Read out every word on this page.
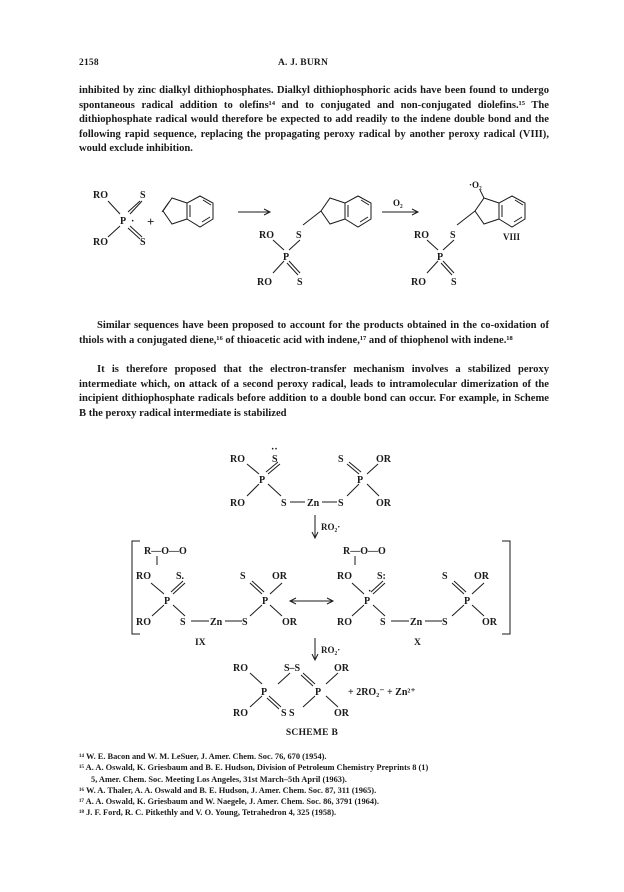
2158	A. J. BURN

inhibited by zinc dialkyl dithiophosphates. Dialkyl dithiophosphoric acids have been found to undergo spontaneous radical addition to olefins¹⁴ and to conjugated and non-conjugated diolefins.¹⁵ The dithiophosphate radical would therefore be expected to add readily to the indene double bond and the following rapid sequence, replacing the propagating peroxy radical by another peroxy radical (VIII), would exclude inhibition.

RO	S
P · +
RO	S
RO S
P
RO	S
O₂
·O₂
RO S
P
RO	S
VIII

Similar sequences have been proposed to account for the products obtained in the co-oxidation of thiols with a conjugated diene,¹⁶ of thioacetic acid with indene,¹⁷ and of thiophenol with indene.¹⁸

It is therefore proposed that the electron-transfer mechanism involves a stabilized peroxy intermediate which, on attack of a second peroxy radical, leads to intramolecular dimerization of the incipient dithiophosphate radicals before addition to a double bond can occur. For example, in Scheme B the peroxy radical intermediate is stabilized

RO	S
··
S	OR
P	P
RO	S Zn S	OR
RO₂·
R—O—O
RO	S.	S	OR
P	P
RO	S Zn S	OR
IX
R—O—O
RO	S:	S	OR
P
·
P
RO	S Zn S	OR
X
RO₂·
RO	S–S	OR
P	P	+ 2RO₂⁻ + Zn²⁺
RO	S S	OR
SCHEME B
¹⁴ W. E. Bacon and W. M. LeSuer, J. Amer. Chem. Soc. 76, 670 (1954).
¹⁵ A. A. Oswald, K. Griesbaum and B. E. Hudson, Division of Petroleum Chemistry Preprints 8 (1)
5, Amer. Chem. Soc. Meeting Los Angeles, 31st March–5th April (1963).
¹⁶ W. A. Thaler, A. A. Oswald and B. E. Hudson, J. Amer. Chem. Soc. 87, 311 (1965).
¹⁷ A. A. Oswald, K. Griesbaum and W. Naegele, J. Amer. Chem. Soc. 86, 3791 (1964).
¹⁸ J. F. Ford, R. C. Pitkethly and V. O. Young, Tetrahedron 4, 325 (1958).
